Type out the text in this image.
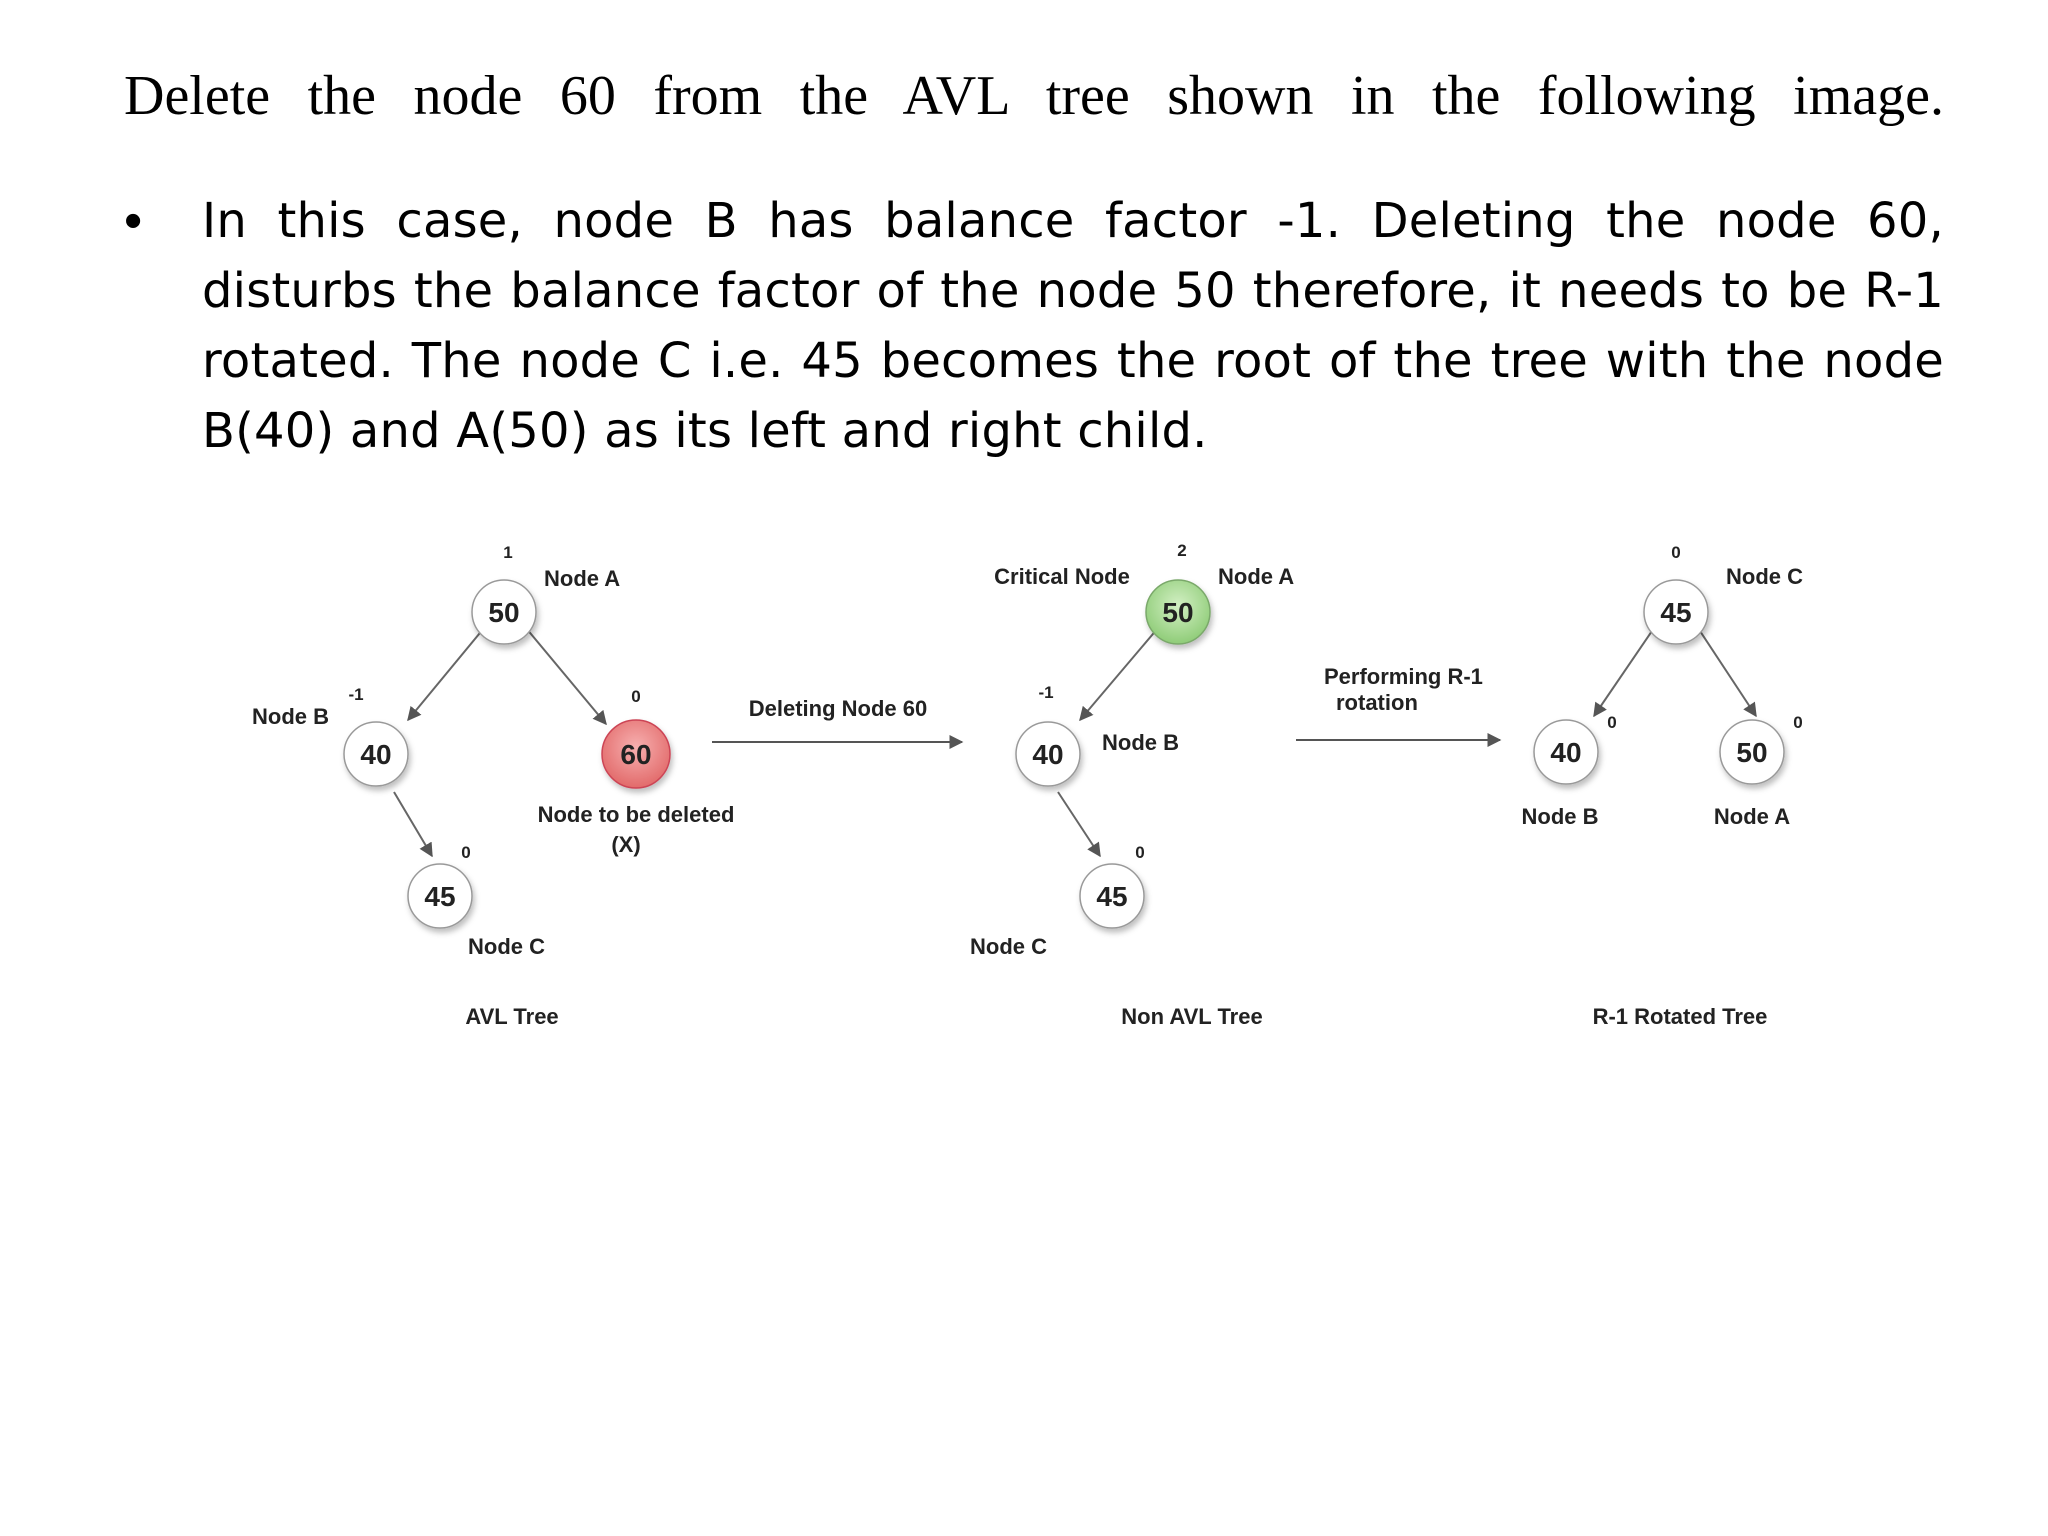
Delete the node 60 from the AVL tree shown in the following image.
• In this case, node B has balance factor -1. Deleting the node 60, disturbs the balance factor of the node 50 therefore, it needs to be R-1 rotated. The node C i.e. 45 becomes the root of the tree with the node B(40) and A(50) as its left and right child.

50
40	60
45
1
-1	0
0
Node A
Node B
Node to be deleted
(X)
Node C
AVL Tree
Deleting Node 60
50
40
45
2
-1
0
Critical Node	Node A
Node B
Node C
Non AVL Tree
Performing R-1
rotation
45
40	50
0
0	0
Node C
Node B	Node A
R-1 Rotated Tree
